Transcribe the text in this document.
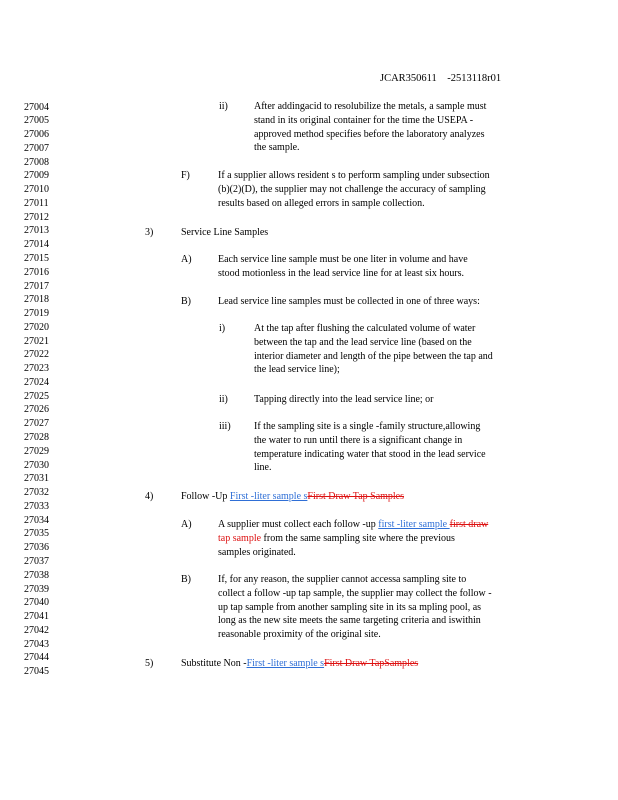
JCAR350611 -2513118r01
27004
27005
27006
27007
27008
27009
27010
27011
27012
27013
27014
27015
27016
27017
27018
27019
27020
27021
27022
27023
27024
27025
27026
27027
27028
27029
27030
27031
27032
27033
27034
27035
27036
27037
27038
27039
27040
27041
27042
27043
27044
27045
ii)	After addingacid to resolubilize the metals, a sample must
stand in its original container for the time the USEPA -
approved method specifies before the laboratory analyzes
the sample.
F)	If a supplier allows resident s to perform sampling under subsection
(b)(2)(D), the supplier may not challenge the accuracy of sampling
results based on alleged errors in sample collection.
3)	Service Line Samples
A)	Each service line sample must be one liter in volume and have
stood motionless in the lead service line for at least six hours.
B)	Lead service line samples must be collected in one of three ways:
i)	At the tap after flushing the calculated volume of water
between the tap and the lead service line (based on the
interior diameter and length of the pipe between the tap and
the lead service line);
ii)	Tapping directly into the lead service line; or
iii) If the sampling site is a single -family structure,allowing
the water to run until there is a significant change in
temperature indicating water that stood in the lead service
line.
4)	Follow -Up First -liter sample sFirst Draw Tap Samples
A)	A supplier must collect each follow -up first -liter sample first draw
tap sample from the same sampling site where the previous
samples originated.
B)	If, for any reason, the supplier cannot accessa sampling site to
collect a follow -up tap sample, the supplier may collect the follow -
up tap sample from another sampling site in its sa mpling pool, as
long as the new site meets the same targeting criteria and iswithin
reasonable proximity of the original site.
5)	Substitute Non -First -liter sample sFirst Draw TapSamples
